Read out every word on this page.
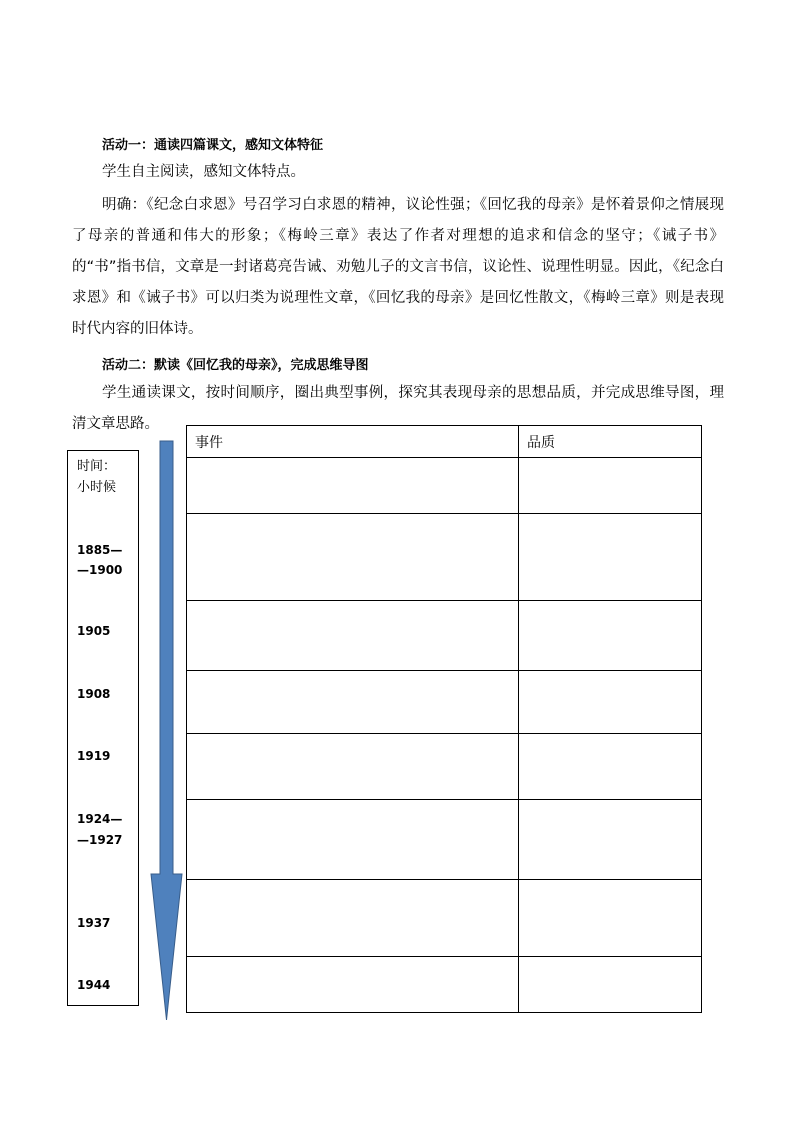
活动一：通读四篇课文，感知文体特征
学生自主阅读，感知文体特点。
明确：《纪念白求恩》号召学习白求恩的精神，议论性强；《回忆我的母亲》是怀着景仰之情展现了母亲的普通和伟大的形象；《梅岭三章》表达了作者对理想的追求和信念的坚守；《诫子书》的“书”指书信，文章是一封诸葛亮告诫、劝勉儿子的文言书信，议论性、说理性明显。因此，《纪念白求恩》和《诫子书》可以归类为说理性文章，《回忆我的母亲》是回忆性散文，《梅岭三章》则是表现时代内容的旧体诗。
活动二：默读《回忆我的母亲》，完成思维导图
学生通读课文，按时间顺序，圈出典型事例，探究其表现母亲的思想品质，并完成思维导图，理清文章思路。
时间：
小时候
1885—
—1900
1905
1908
1919
1924—
—1927
1937
1944
事件	品质
